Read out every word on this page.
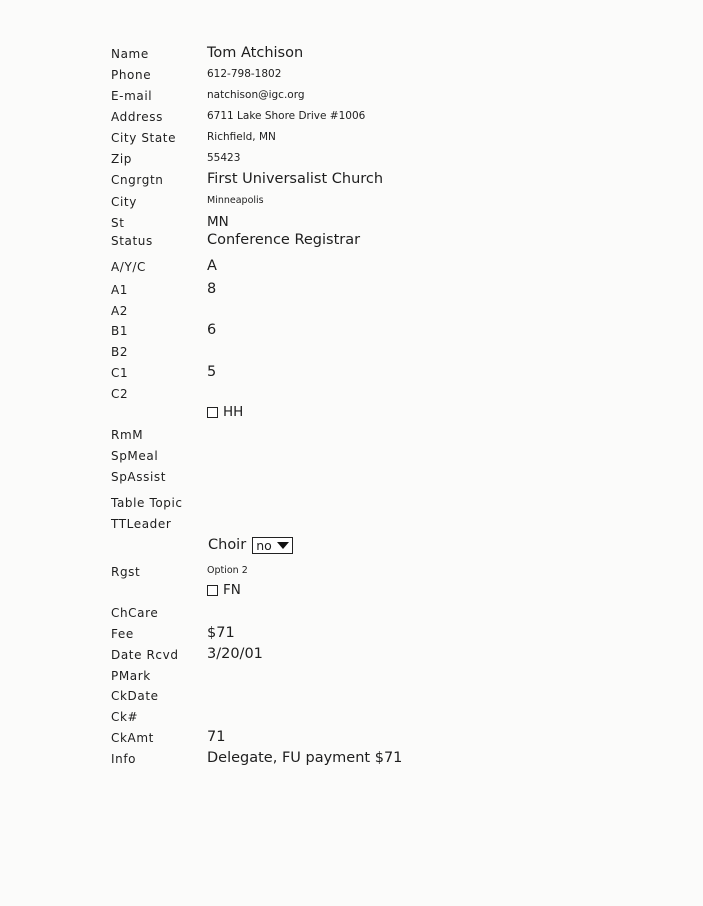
Name	Tom Atchison
Phone	612-798-1802
E-mail	natchison@igc.org
Address	6711 Lake Shore Drive #1006
City State	Richfield, MN
Zip	55423
Cngrgtn	First Universalist Church
City	Minneapolis
St	MN
Status	Conference Registrar
A/Y/C	A
A1	8
A2
B1	6
B2
C1	5
C2
HH
RmM
SpMeal
SpAssist
Table Topic
TTLeader
Choir no
Rgst	Option 2
FN
ChCare
Fee	$71
Date Rcvd 3/20/01
PMark
CkDate
Ck#
CkAmt	71
Info	Delegate, FU payment $71
